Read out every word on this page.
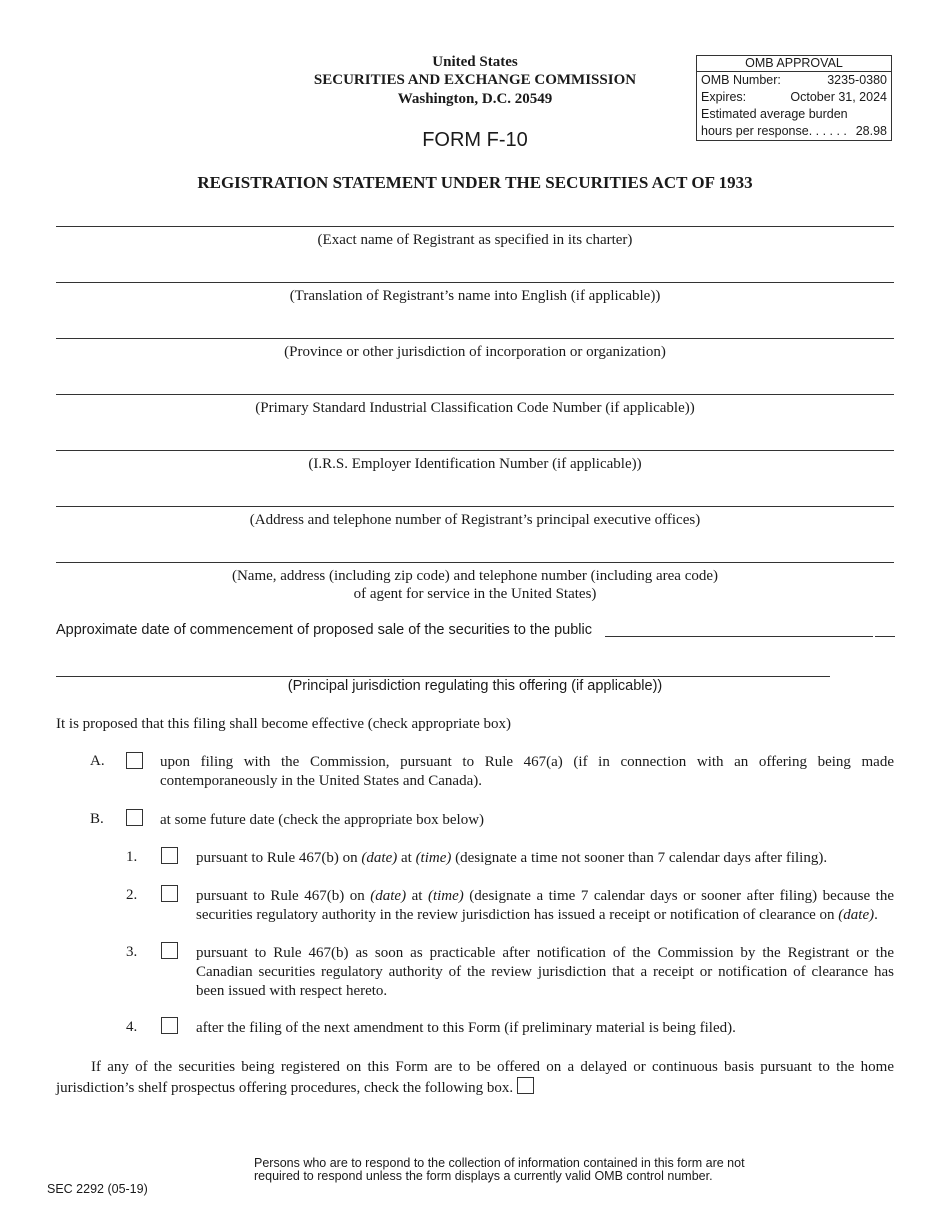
United States
SECURITIES AND EXCHANGE COMMISSION
Washington, D.C. 20549
FORM F-10
REGISTRATION STATEMENT UNDER THE SECURITIES ACT OF 1933
OMB APPROVAL
OMB Number:	3235-0380
Expires:	October 31, 2024
Estimated average burden
hours per response. . . . . . 28.98
(Exact name of Registrant as specified in its charter)
(Translation of Registrant’s name into English (if applicable))
(Province or other jurisdiction of incorporation or organization)
(Primary Standard Industrial Classification Code Number (if applicable))
(I.R.S. Employer Identification Number (if applicable))
(Address and telephone number of Registrant’s principal executive offices)
(Name, address (including zip code) and telephone number (including area code)
of agent for service in the United States)
Approximate date of commencement of proposed sale of the securities to the public
(Principal jurisdiction regulating this offering (if applicable))
It is proposed that this filing shall become effective (check appropriate box)
A.	upon filing with the Commission, pursuant to Rule 467(a) (if in connection with an offering being made contemporaneously in the United States and Canada).
B.	at some future date (check the appropriate box below)
1.	pursuant to Rule 467(b) on (date) at (time) (designate a time not sooner than 7 calendar days after filing).
2.	pursuant to Rule 467(b) on (date) at (time) (designate a time 7 calendar days or sooner after filing) because the securities regulatory authority in the review jurisdiction has issued a receipt or notification of clearance on (date).
3.	pursuant to Rule 467(b) as soon as practicable after notification of the Commission by the Registrant or the Canadian securities regulatory authority of the review jurisdiction that a receipt or notification of clearance has been issued with respect hereto.
4.	after the filing of the next amendment to this Form (if preliminary material is being filed).
If any of the securities being registered on this Form are to be offered on a delayed or continuous basis pursuant to the home jurisdiction’s shelf prospectus offering procedures, check the following box.
SEC 2292 (05-19)
Persons who are to respond to the collection of information contained in this form are not required to respond unless the form displays a currently valid OMB control number.
